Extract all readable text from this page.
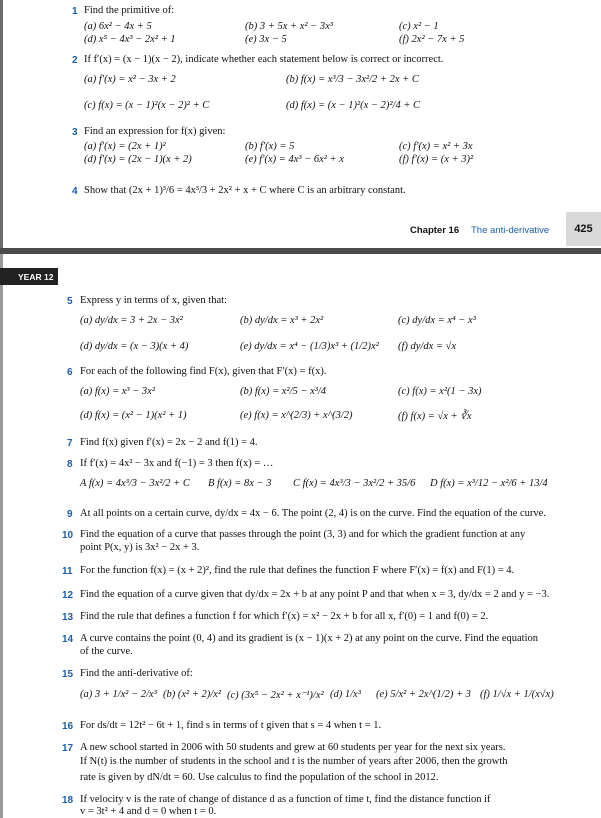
1 Find the primitive of:
(a) 6x² − 4x + 5	(b) 3 + 5x + x² − 3x³	(c) x² − 1
(d) x⁵ − 4x³ − 2x² + 1	(e) 3x − 5	(f) 2x² − 7x + 5
2 If f′(x) = (x − 1)(x − 2), indicate whether each statement below is correct or incorrect.
(a) f′(x) = x² − 3x + 2	(b) f(x) = x³/3 − 3x²/2 + 2x + C
(c) f(x) = (x − 1)²(x − 2)² + C	(d) f(x) = (x − 1)²(x − 2)²/4 + C
3 Find an expression for f(x) given:
(a) f′(x) = (2x + 1)²	(b) f′(x) = 5	(c) f′(x) = x² + 3x
(d) f′(x) = (2x − 1)(x + 2)	(e) f′(x) = 4x³ − 6x² + x	(f) f′(x) = (x + 3)²
4 Show that (2x + 1)³/6 = 4x³/3 + 2x² + x + C where C is an arbitrary constant.
Chapter 16 The anti-derivative	425
YEAR 12
5 Express y in terms of x, given that:
(a) dy/dx = 3 + 2x − 3x²	(b) dy/dx = x³ + 2x²	(c) dy/dx = x⁴ − x³
(d) dy/dx = (x − 3)(x + 4)	(e) dy/dx = x⁴ − (1/3)x³ + (1/2)x² (f) dy/dx = √x
6 For each of the following find F(x), given that F′(x) = f(x).
(a) f(x) = x³ − 3x²	(b) f(x) = x²/5 − x³/4	(c) f(x) = x²(1 − 3x)
(d) f(x) = (x² − 1)(x² + 1)	(e) f(x) = x^(2/3) + x^(3/2)	(f) f(x) = √x + ∛x
7 Find f(x) given f′(x) = 2x − 2 and f(1) = 4.
8 If f′(x) = 4x² − 3x and f(−1) = 3 then f(x) = …
A f(x) = 4x³/3 − 3x²/2 + C B f(x) = 8x − 3 C f(x) = 4x³/3 − 3x²/2 + 35/6 D f(x) = x³/12 − x²/6 + 13/4
9 At all points on a certain curve, dy/dx = 4x − 6. The point (2, 4) is on the curve. Find the equation of the curve.
10 Find the equation of a curve that passes through the point (3, 3) and for which the gradient function at any
point P(x, y) is 3x² − 2x + 3.
11 For the function f(x) = (x + 2)², find the rule that defines the function F where F′(x) = f(x) and F(1) = 4.
12 Find the equation of a curve given that dy/dx = 2x + b at any point P and that when x = 3, dy/dx = 2 and y = −3.
13 Find the rule that defines a function f for which f′(x) = x² − 2x + b for all x, f′(0) = 1 and f(0) = 2.
14 A curve contains the point (0, 4) and its gradient is (x − 1)(x + 2) at any point on the curve. Find the equation
of the curve.
15 Find the anti-derivative of:
(a) 3 + 1/x² − 2/x³ (b) (x² + 2)/x² (c) (3x⁵ − 2x² + x⁻¹)/x² (d) 1/x³ (e) 5/x² + 2x^(1/2) + 3 (f) 1/√x + 1/(x√x)
16 For ds/dt = 12t² − 6t + 1, find s in terms of t given that s = 4 when t = 1.
17 A new school started in 2006 with 50 students and grew at 60 students per year for the next six years.
If N(t) is the number of students in the school and t is the number of years after 2006, then the growth
rate is given by dN/dt = 60. Use calculus to find the population of the school in 2012.
18 If velocity v is the rate of change of distance d as a function of time t, find the distance function if
v = 3t² + 4 and d = 0 when t = 0.
